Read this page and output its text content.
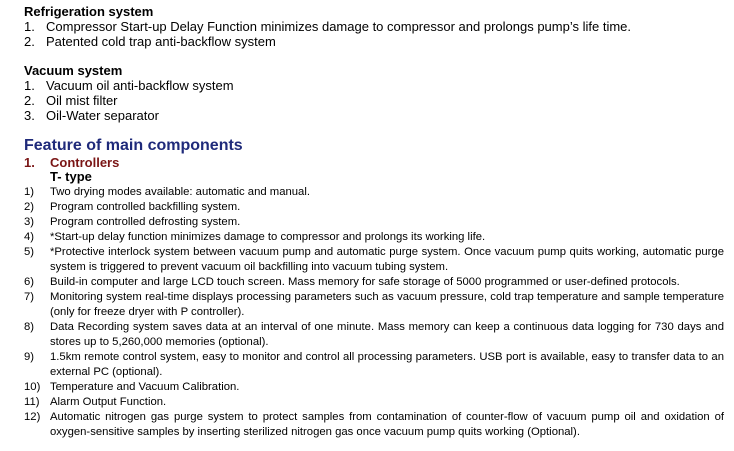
Refrigeration system
1. Compressor Start-up Delay Function minimizes damage to compressor and prolongs pump’s life time.
2. Patented cold trap anti-backflow system
Vacuum system
1. Vacuum oil anti-backflow system
2. Oil mist filter
3. Oil-Water separator
Feature of main components
1.	Controllers
T- type
1)	Two drying modes available: automatic and manual.
2)	Program controlled backfilling system.
3)	Program controlled defrosting system.
4)	*Start-up delay function minimizes damage to compressor and prolongs its working life.
5)	*Protective interlock system between vacuum pump and automatic purge system. Once vacuum pump quits working, automatic purge system is triggered to prevent vacuum oil backfilling into vacuum tubing system.
6)	Build-in computer and large LCD touch screen. Mass memory for safe storage of 5000 programmed or user-defined protocols.
7)	Monitoring system real-time displays processing parameters such as vacuum pressure, cold trap temperature and sample temperature (only for freeze dryer with P controller).
8)	Data Recording system saves data at an interval of one minute. Mass memory can keep a continuous data logging for 730 days and stores up to 5,260,000 memories (optional).
9)	1.5km remote control system, easy to monitor and control all processing parameters. USB port is available, easy to transfer data to an external PC (optional).
10) Temperature and Vacuum Calibration.
11) Alarm Output Function.
12) Automatic nitrogen gas purge system to protect samples from contamination of counter-flow of vacuum pump oil and oxidation of oxygen-sensitive samples by inserting sterilized nitrogen gas once vacuum pump quits working (Optional).
